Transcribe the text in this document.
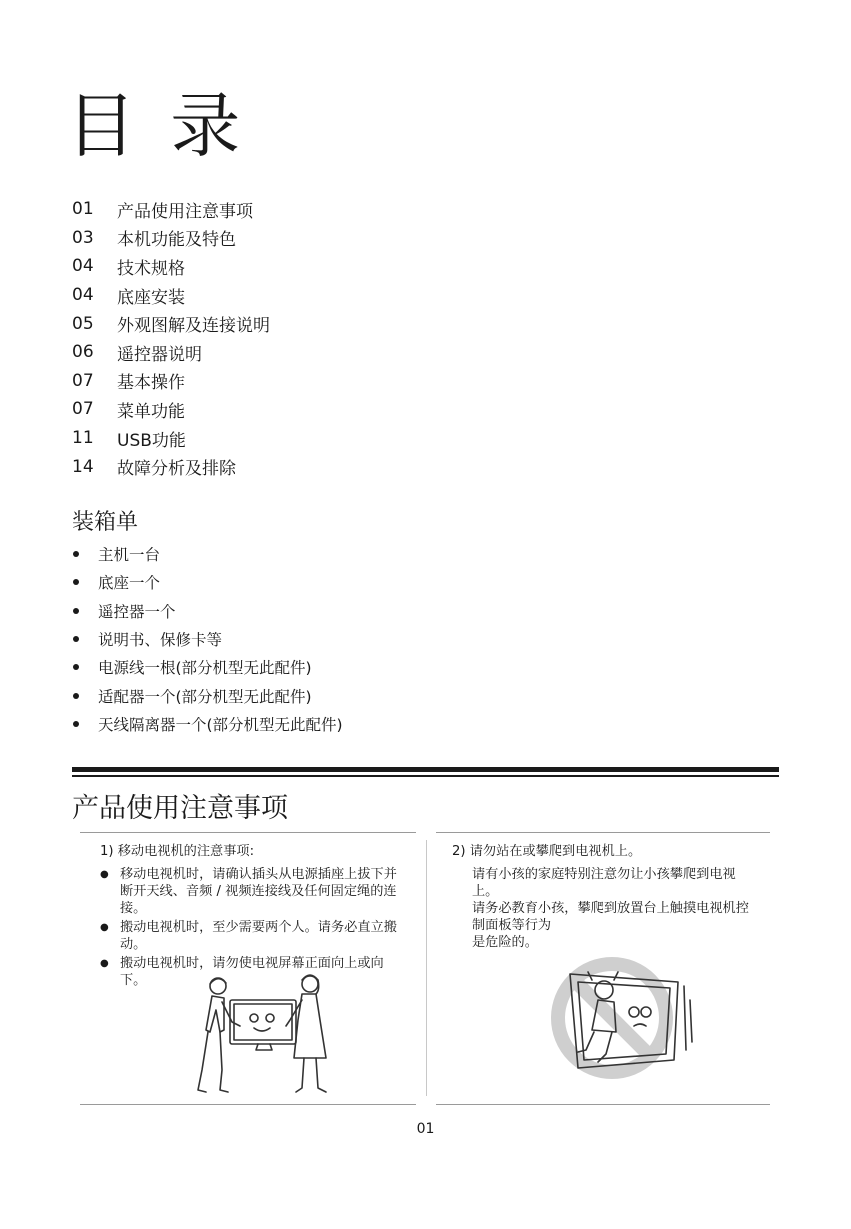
目 录
01	产品使用注意事项
03	本机功能及特色
04	技术规格
04	底座安装
05	外观图解及连接说明
06	遥控器说明
07	基本操作
07	菜单功能
11	USB功能
14	故障分析及排除
装箱单
主机一台
底座一个
遥控器一个
说明书、保修卡等
电源线一根(部分机型无此配件)
适配器一个(部分机型无此配件)
天线隔离器一个(部分机型无此配件)
产品使用注意事项

1) 移动电视机的注意事项:

● 移动电视机时，请确认插头从电源插座上拔下并断开天线、音频 / 视频连接线及任何固定绳的连接。
● 搬动电视机时，至少需要两个人。请务必直立搬动。
● 搬动电视机时，请勿使电视屏幕正面向上或向下。

2) 请勿站在或攀爬到电视机上。

请有小孩的家庭特别注意勿让小孩攀爬到电视上。

请务必教育小孩，攀爬到放置台上触摸电视机控制面板等行为

是危险的。

01
